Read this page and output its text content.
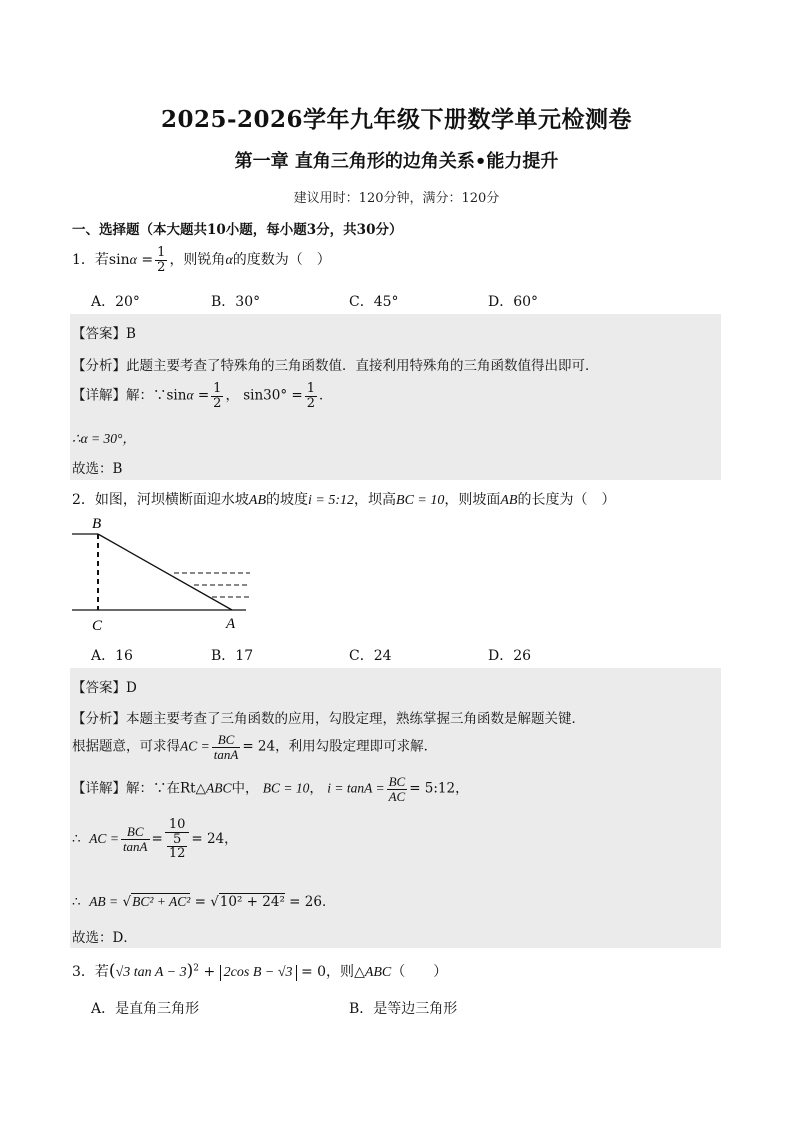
2025-2026学年九年级下册数学单元检测卷
第一章 直角三角形的边角关系•能力提升
建议用时：120分钟，满分：120分
一、选择题（本大题共10小题，每小题3分，共30分）
1．若$\sin\alpha = \frac{1}{2}$ ，则锐角α的度数为（　）
A．20°	B．30°	C．45°	D．60°
【答案】B
【分析】此题主要考查了特殊角的三角函数值．直接利用特殊角的三角函数值得出即可．
【详解】解：∵sinα = $\frac{1}{2}$ ， $\sin 30^\circ = \frac{1}{2}$ ．
∴α = 30°，
故选：B
2．如图，河坝横断面迎水坡AB的坡度i = 5:12，坝高BC = 10，则坡面AB的长度为（　）
B
C	A
A．16	B．17	C．24	D．26
【答案】D
【分析】本题主要考查了三角函数的应用，勾股定理，熟练掌握三角函数是解题关键．
根据题意，可求得AC = $\frac{BC}{\tan A} = 24$，利用勾股定理即可求解．
【详解】解：∵在Rt△ABC中， BC = 10， $i = \tan A = \frac{BC}{AC}$ = 5:12，
∴ AC = $\frac{BC}{\tan A} = \frac{10}{\frac{5}{12}} = 24$，
∴ AB = √BC² + AC² = √10² + 24² = 26．
故选：D．
3．若(√3 tan A − 3)$^2$ + 2cos B − √3 = 0，则△ABC（　　）
A．是直角三角形	B．是等边三角形
